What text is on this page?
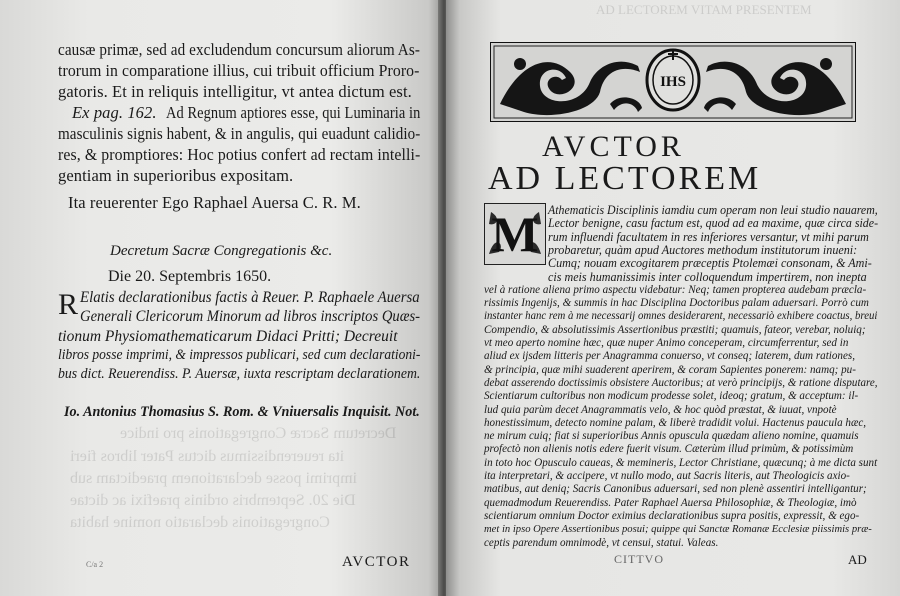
causæ primæ, sed ad excludendum concursum aliorum As-
trorum in comparatione illius, cui tribuit officium Proro-
gatoris. Et in reliquis intelligitur, vt antea dictum est.
Ex pag. 162. Ad Regnum aptiores esse, qui Luminaria in
masculinis signis habent, & in angulis, qui euadunt calidio-
res, & promptiores: Hoc potius confert ad rectam intelli-
gentiam in superioribus expositam.
Ita reuerenter Ego Raphael Auersa C. R. M.
Decretum Sacræ Congregationis &c.
Die 20. Septembris 1650.
R Elatis declarationibus factis à Reuer. P. Raphaele Auersa
Generali Clericorum Minorum ad libros inscriptos Quæs-
tionum Physiomathematicarum Didaci Pritti; Decreuit
libros posse imprimi, & impressos publicari, sed cum declarationi-
bus dict. Reuerendiss. P. Auersæ, iuxta rescriptam declarationem.
Io. Antonius Thomasius S. Rom. & Vniuersalis Inquisit. Not.
Decretum Sacræ Congregationis pro indice
ita reuerendissimus dictus Pater libros fieri
imprimi posse declarationem praedictam sub
Die 20. Septembris ordinis praefixi ac dictae
Congregationis declaratio nomine habita
C/a 2	AVCTOR
AD LECTOREM VITAM PRESENTEM
IHS
AVCTOR
AD LECTOREM
M Athematicis Disciplinis iamdiu cum operam non leui studio nauarem,
Lector benigne, casu factum est, quod ad ea maxime, quæ circa side-
rum influendi facultatem in res inferiores versantur, vt mihi parum
probaretur, quàm apud Auctores methodum institutorum inueni:
Cumq; nouam excogitarem præceptis Ptolemæi consonam, & Ami-
cis meis humanissimis inter colloquendum impertirem, non inepta
vel à ratione aliena primo aspectu videbatur: Neq; tamen propterea audebam præcla-
rissimis Ingenijs, & summis in hac Disciplina Doctoribus palam aduersari. Porrò cum
instanter hanc rem à me necessarij omnes desiderarent, necessariò exhibere coactus, breui
Compendio, & absolutissimis Assertionibus præstiti; quamuis, fateor, verebar, noluiq;
vt meo aperto nomine hæc, quæ nuper Animo conceperam, circumferrentur, sed in
aliud ex ijsdem litteris per Anagramma conuerso, vt conseq; laterem, dum rationes,
& principia, quæ mihi suaderent aperirem, & coram Sapientes ponerem: namq; pu-
debat asserendo doctissimis obsistere Auctoribus; at verò principijs, & ratione disputare,
Scientiarum cultoribus non modicum prodesse solet, ideoq; gratum, & acceptum: il-
lud quia parùm decet Anagrammatis velo, & hoc quòd præstat, & iuuat, vnpotè
honestissimum, detecto nomine palam, & liberè tradidit volui. Hactenus paucula hæc,
ne mirum cuiq; fiat si superioribus Annis opuscula quædam alieno nomine, quamuis
profectò non alienis notis edere fuerit visum. Cæterùm illud primùm, & potissimùm
in toto hoc Opusculo caueas, & memineris, Lector Christiane, quæcunq; à me dicta sunt
ita interpretari, & accipere, vt nullo modo, aut Sacris literis, aut Theologicis axio-
matibus, aut deniq; Sacris Canonibus aduersari, sed non plenè assentiri intelligantur;
quemadmodum Reuerendiss. Pater Raphael Auersa Philosophiæ, & Theologiæ, imò
scientiarum omnium Doctor eximius declarationibus supra positis, expressit, & ego-
met in ipso Opere Assertionibus posui; quippe qui Sanctæ Romanæ Ecclesiæ piissimis præ-
ceptis parendum omnimodè, vt censui, statui. Valeas.
CITTVO	AD
